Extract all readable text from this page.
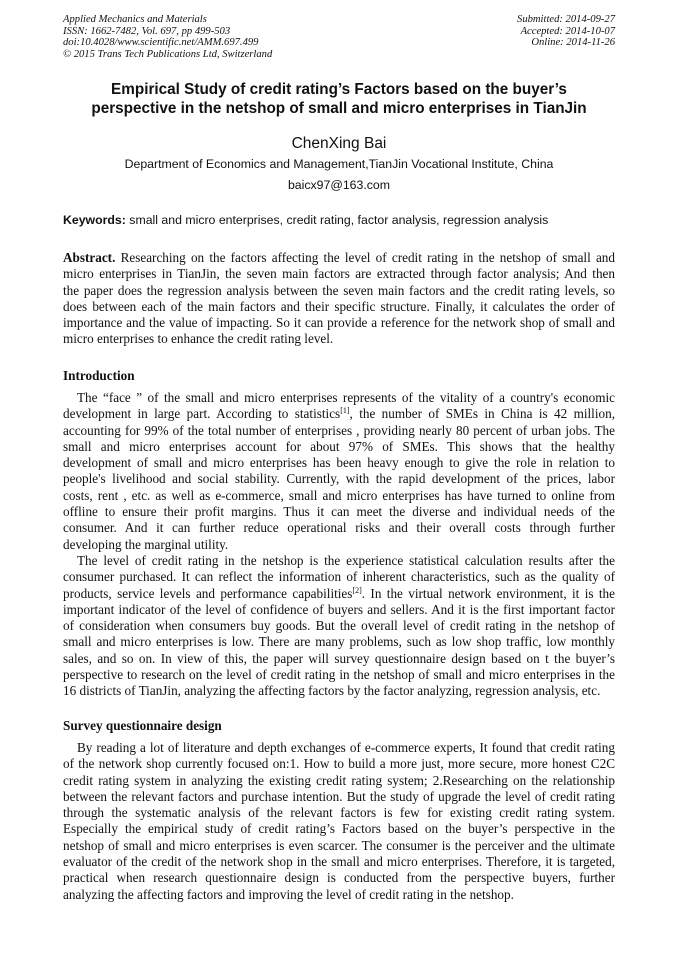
Applied Mechanics and Materials
ISSN: 1662-7482, Vol. 697, pp 499-503
doi:10.4028/www.scientific.net/AMM.697.499
© 2015 Trans Tech Publications Ltd, Switzerland
Submitted: 2014-09-27
Accepted: 2014-10-07
Online: 2014-11-26
Empirical Study of credit rating’s Factors based on the buyer’s
perspective in the netshop of small and micro enterprises in TianJin
ChenXing Bai
Department of Economics and Management,TianJin Vocational Institute, China
baicx97@163.com
Keywords: small and micro enterprises, credit rating, factor analysis, regression analysis
Abstract. Researching on the factors affecting the level of credit rating in the netshop of small and
micro enterprises in TianJin, the seven main factors are extracted through factor analysis; And then
the paper does the regression analysis between the seven main factors and the credit rating levels, so
does between each of the main factors and their specific structure. Finally, it calculates the order of
importance and the value of impacting. So it can provide a reference for the network shop of small and
micro enterprises to enhance the credit rating level.
Introduction
The “face ” of the small and micro enterprises represents of the vitality of a country's economic
development in large part. According to statistics[1], the number of SMEs in China is 42 million,
accounting for 99% of the total number of enterprises , providing nearly 80 percent of urban jobs. The
small and micro enterprises account for about 97% of SMEs. This shows that the healthy
development of small and micro enterprises has been heavy enough to give the role in relation to
people's livelihood and social stability. Currently, with the rapid development of the prices, labor
costs, rent , etc. as well as e-commerce, small and micro enterprises has have turned to online from
offline to ensure their profit margins. Thus it can meet the diverse and individual needs of the
consumer. And it can further reduce operational risks and their overall costs through further
developing the marginal utility.
The level of credit rating in the netshop is the experience statistical calculation results after the
consumer purchased. It can reflect the information of inherent characteristics, such as the quality of
products, service levels and performance capabilities[2]. In the virtual network environment, it is the
important indicator of the level of confidence of buyers and sellers. And it is the first important factor
of consideration when consumers buy goods. But the overall level of credit rating in the netshop of
small and micro enterprises is low. There are many problems, such as low shop traffic, low monthly
sales, and so on. In view of this, the paper will survey questionnaire design based on t the buyer’s
perspective to research on the level of credit rating in the netshop of small and micro enterprises in the
16 districts of TianJin, analyzing the affecting factors by the factor analyzing, regression analysis, etc.
Survey questionnaire design
By reading a lot of literature and depth exchanges of e-commerce experts, It found that credit rating
of the network shop currently focused on:1. How to build a more just, more secure, more honest C2C
credit rating system in analyzing the existing credit rating system; 2.Researching on the relationship
between the relevant factors and purchase intention. But the study of upgrade the level of credit rating
through the systematic analysis of the relevant factors is few for existing credit rating system.
Especially the empirical study of credit rating’s Factors based on the buyer’s perspective in the
netshop of small and micro enterprises is even scarcer. The consumer is the perceiver and the ultimate
evaluator of the credit of the network shop in the small and micro enterprises. Therefore, it is targeted,
practical when research questionnaire design is conducted from the perspective buyers, further
analyzing the affecting factors and improving the level of credit rating in the netshop.
